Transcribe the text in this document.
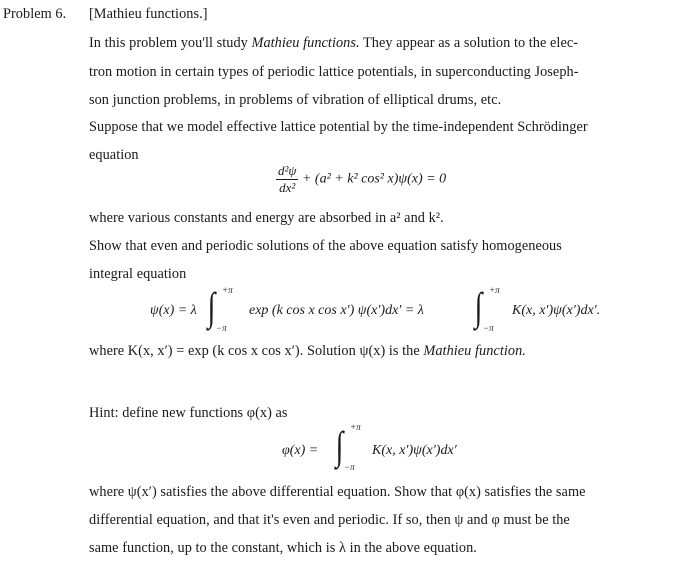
Problem 6. [Mathieu functions.]
In this problem you'll study Mathieu functions. They appear as a solution to the elec-
tron motion in certain types of periodic lattice potentials, in superconducting Joseph-
son junction problems, in problems of vibration of elliptical drums, etc.
Suppose that we model effective lattice potential by the time-independent Schrödinger
equation
$\frac{\text{d²ψ}}{\text{dx²}} + (a^2 + k^2$ cos² x)ψ(x) = 0
where various constants and energy are absorbed in a² and k².
Show that even and periodic solutions of the above equation satisfy homogeneous
integral equation
ψ(x) = λ ∫ +π
−π
exp (k cos x cos x′) ψ(x′)dx′ = λ ∫ +π
−π
K(x, x′)ψ(x′)dx′.
where K(x, x′) = exp (k cos x cos x′). Solution ψ(x) is the Mathieu function.
Hint: define new functions φ(x) as
φ(x) = ∫ +π
−π
K(x, x′)ψ(x′)dx′
where ψ(x′) satisfies the above differential equation. Show that φ(x) satisfies the same
differential equation, and that it's even and periodic. If so, then ψ and φ must be the
same function, up to the constant, which is λ in the above equation.
